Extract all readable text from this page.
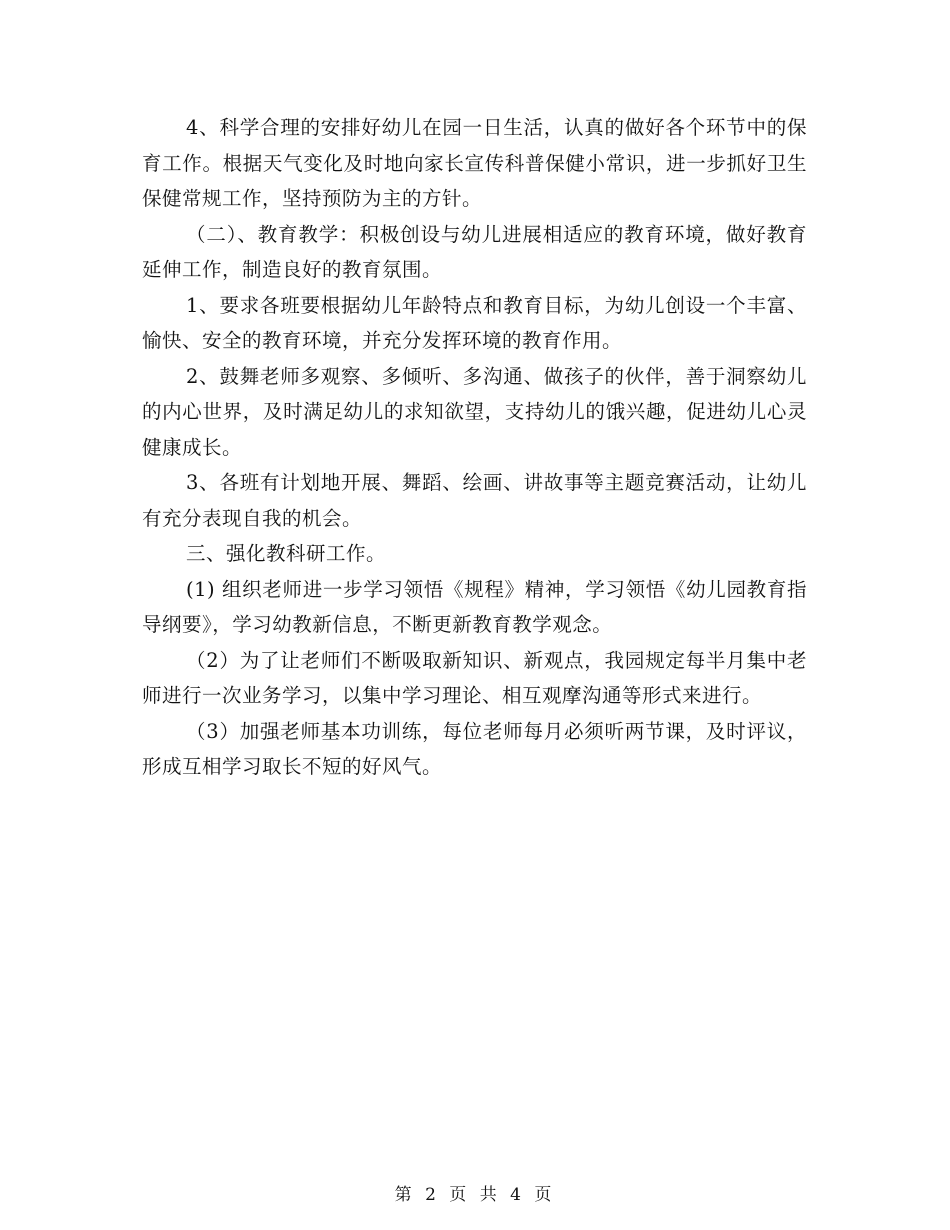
4、科学合理的安排好幼儿在园一日生活，认真的做好各个环节中的保育工作。根据天气变化及时地向家长宣传科普保健小常识，进一步抓好卫生保健常规工作，坚持预防为主的方针。

（二）、教育教学：积极创设与幼儿进展相适应的教育环境，做好教育延伸工作，制造良好的教育氛围。

1、要求各班要根据幼儿年龄特点和教育目标，为幼儿创设一个丰富、愉快、安全的教育环境，并充分发挥环境的教育作用。

2、鼓舞老师多观察、多倾听、多沟通、做孩子的伙伴，善于洞察幼儿的内心世界，及时满足幼儿的求知欲望，支持幼儿的饿兴趣，促进幼儿心灵健康成长。

3、各班有计划地开展、舞蹈、绘画、讲故事等主题竞赛活动，让幼儿有充分表现自我的机会。

三、强化教科研工作。

(1) 组织老师进一步学习领悟《规程》精神，学习领悟《幼儿园教育指导纲要》，学习幼教新信息，不断更新教育教学观念。

（2）为了让老师们不断吸取新知识、新观点，我园规定每半月集中老师进行一次业务学习，以集中学习理论、相互观摩沟通等形式来进行。

（3）加强老师基本功训练，每位老师每月必须听两节课，及时评议，形成互相学习取长不短的好风气。

第 2 页 共 4 页
